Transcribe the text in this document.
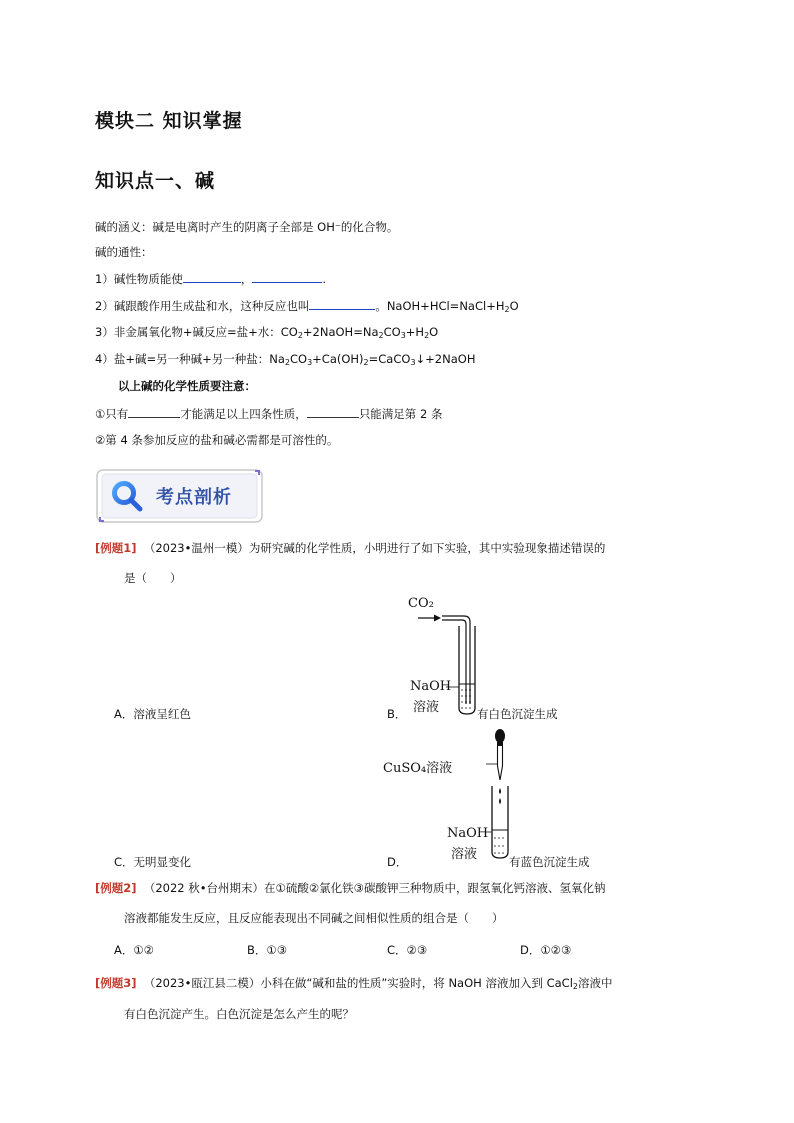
模块二 知识掌握
知识点一、碱
碱的涵义：碱是电离时产生的阴离子全部是 OH⁻的化合物。
碱的通性：
1）碱性物质能使	，	.
2）碱跟酸作用生成盐和水，这种反应也叫	。$NaOH+HCl=NaCl+H_2O$
3）非金属氧化物+碱反应=盐+水：$CO_2+2NaOH=Na_2CO_3+H_2O$
4）盐+碱=另一种碱+另一种盐：$Na_2CO_3+Ca(OH)_2=CaCO_3↓+2NaOH$
以上碱的化学性质要注意：
①只有	才能满足以上四条性质，	只能满足第 2 条
②第 4 条参加反应的盐和碱必需都是可溶性的。
考点剖析
[例题1] （2023•温州一模）为研究碱的化学性质，小明进行了如下实验，其中实验现象描述错误的
是（　　）
CO₂
NaOH
溶液
A．溶液呈红色	B．	有白色沉淀生成
CuSO₄溶液
NaOH
溶液
C．无明显变化	D．	有蓝色沉淀生成
[例题2] （2022 秋•台州期末）在①硫酸②氯化铁③碳酸钾三种物质中，跟氢氧化钙溶液、氢氧化钠
溶液都能发生反应，且反应能表现出不同碱之间相似性质的组合是（　　）
A．①②	B．①③	C．②③	D．①②③
[例题3] （2023•瓯江县二模）小科在做“碱和盐的性质”实验时，将 NaOH 溶液加入到 CaCl$_2$溶液中
有白色沉淀产生。白色沉淀是怎么产生的呢？
